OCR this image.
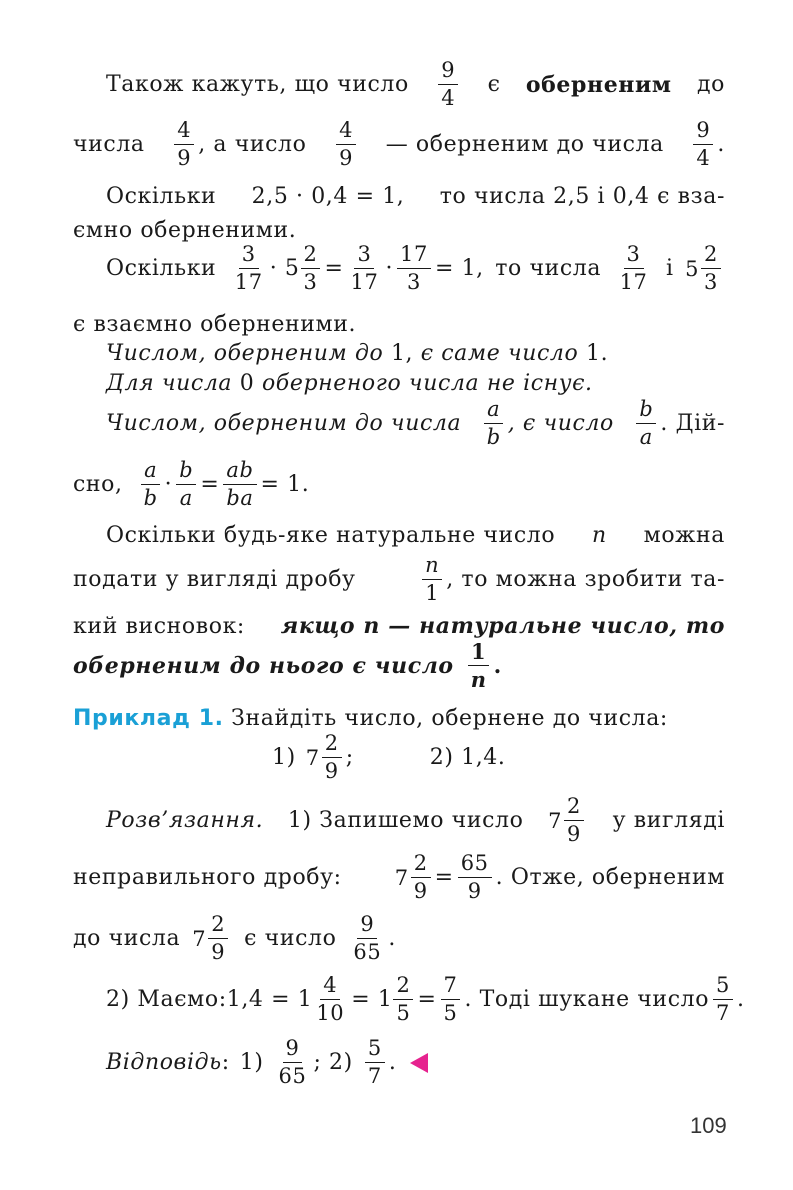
Також кажуть, що число
9
4
є оберненим до
числа
4
9
, а число
4
9
— оберненим до числа
9
4
.
Оскільки 2,5 · 0,4 = 1, то числа 2,5 і 0,4 є вза-
ємно оберненими.
Оскільки
3
17
· $5 \frac{2}{3} = \frac{3}{17} \cdot \frac{17}{3} = 1$, то числа
3
17
і 5
2
3
є взаємно оберненими.
Числом, оберненим до 1, є саме число 1.
Для числа 0 оберненого числа не існує.
Числом, оберненим до числа
a
b
, є число
b
a
. Дій-
сно,
a
b
· $\frac{b}{a} = \frac{ab}{ba} = 1$.
Оскільки будь-яке натуральне число n можна
подати у вигляді дробу
n
1
, то можна зробити та-
кий висновок: якщо n — натуральне число, то
оберненим до нього є число
1
n
.
Приклад 1. Знайдіть число, обернене до числа:
1) 7
2
9
;	2) 1,4.
Розв’язання. 1) Запишемо число 7
2
9
у вигляді
неправильного дробу:	7
2
9
= $\frac{65}{9}$ . Отже, оберненим
до числа 7
2
9
є число
9
65
.
2) Маємо: $1,4 = 1 \frac{4}{10} = 1 \frac{2}{5} = \frac{7}{5}$ . Тоді шукане число
5
7
.
Відповідь : 1)
9
65
; 2)
5
7
.
109
